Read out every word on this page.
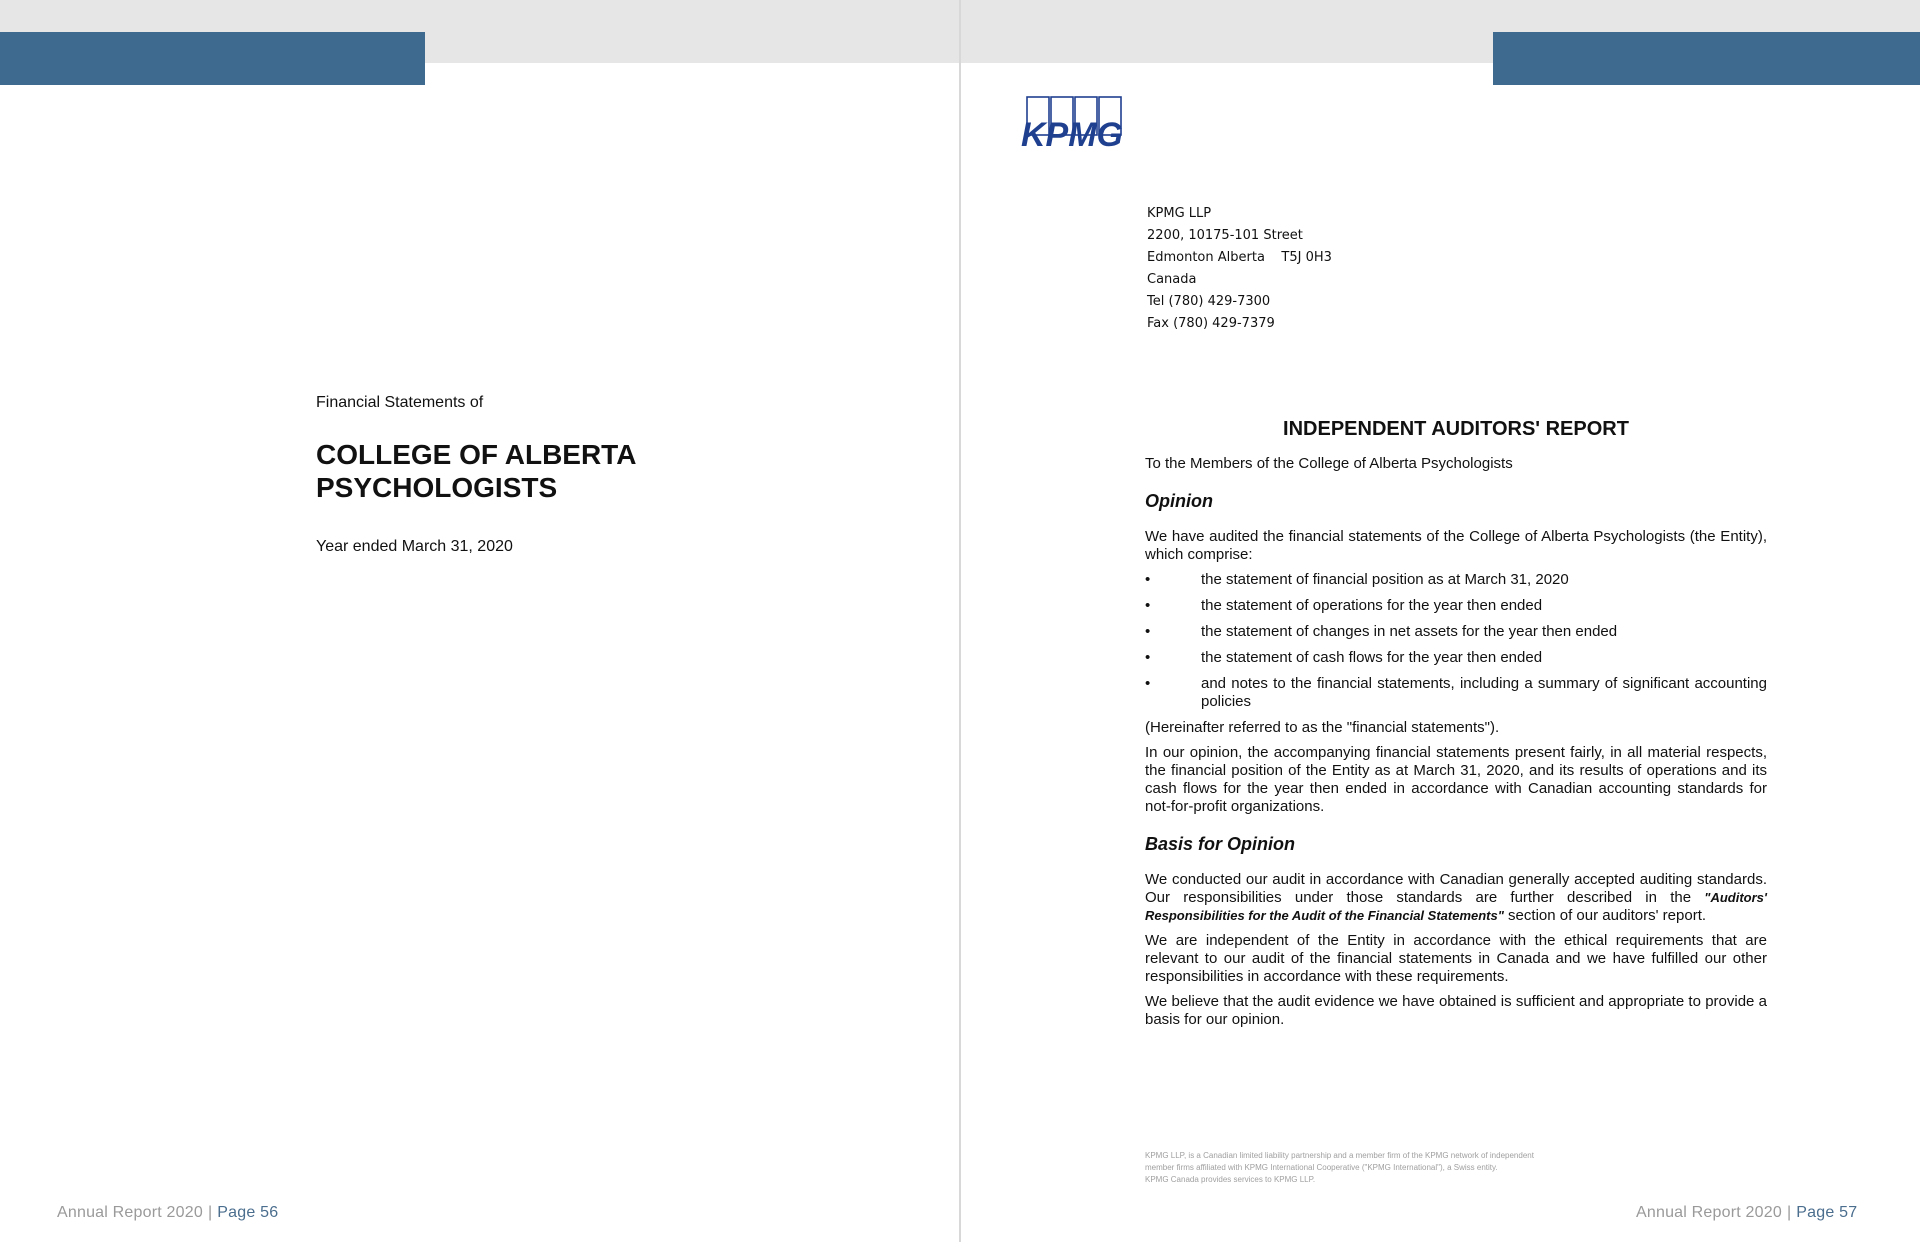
Financial Statements of

COLLEGE OF ALBERTA
PSYCHOLOGISTS

Year ended March 31, 2020

Annual Report 2020 | Page 56
KPMG
KPMG LLP
2200, 10175-101 Street
Edmonton Alberta    T5J 0H3
Canada
Tel (780) 429-7300
Fax (780) 429-7379
INDEPENDENT AUDITORS' REPORT

To the Members of the College of Alberta Psychologists

Opinion

We have audited the financial statements of the College of Alberta Psychologists (the Entity), which comprise:

•	the statement of financial position as at March 31, 2020
•	the statement of operations for the year then ended
•	the statement of changes in net assets for the year then ended
•	the statement of cash flows for the year then ended
•	and notes to the financial statements, including a summary of significant accounting policies

(Hereinafter referred to as the "financial statements").

In our opinion, the accompanying financial statements present fairly, in all material respects, the financial position of the Entity as at March 31, 2020, and its results of operations and its cash flows for the year then ended in accordance with Canadian accounting standards for not-for-profit organizations.

Basis for Opinion

We conducted our audit in accordance with Canadian generally accepted auditing standards. Our responsibilities under those standards are further described in the "Auditors' Responsibilities for the Audit of the Financial Statements" section of our auditors' report.

We are independent of the Entity in accordance with the ethical requirements that are relevant to our audit of the financial statements in Canada and we have fulfilled our other responsibilities in accordance with these requirements.

We believe that the audit evidence we have obtained is sufficient and appropriate to provide a basis for our opinion.

KPMG LLP, is a Canadian limited liability partnership and a member firm of the KPMG network of independent
member firms affiliated with KPMG International Cooperative ("KPMG International"), a Swiss entity.
KPMG Canada provides services to KPMG LLP.
Annual Report 2020 | Page 57
